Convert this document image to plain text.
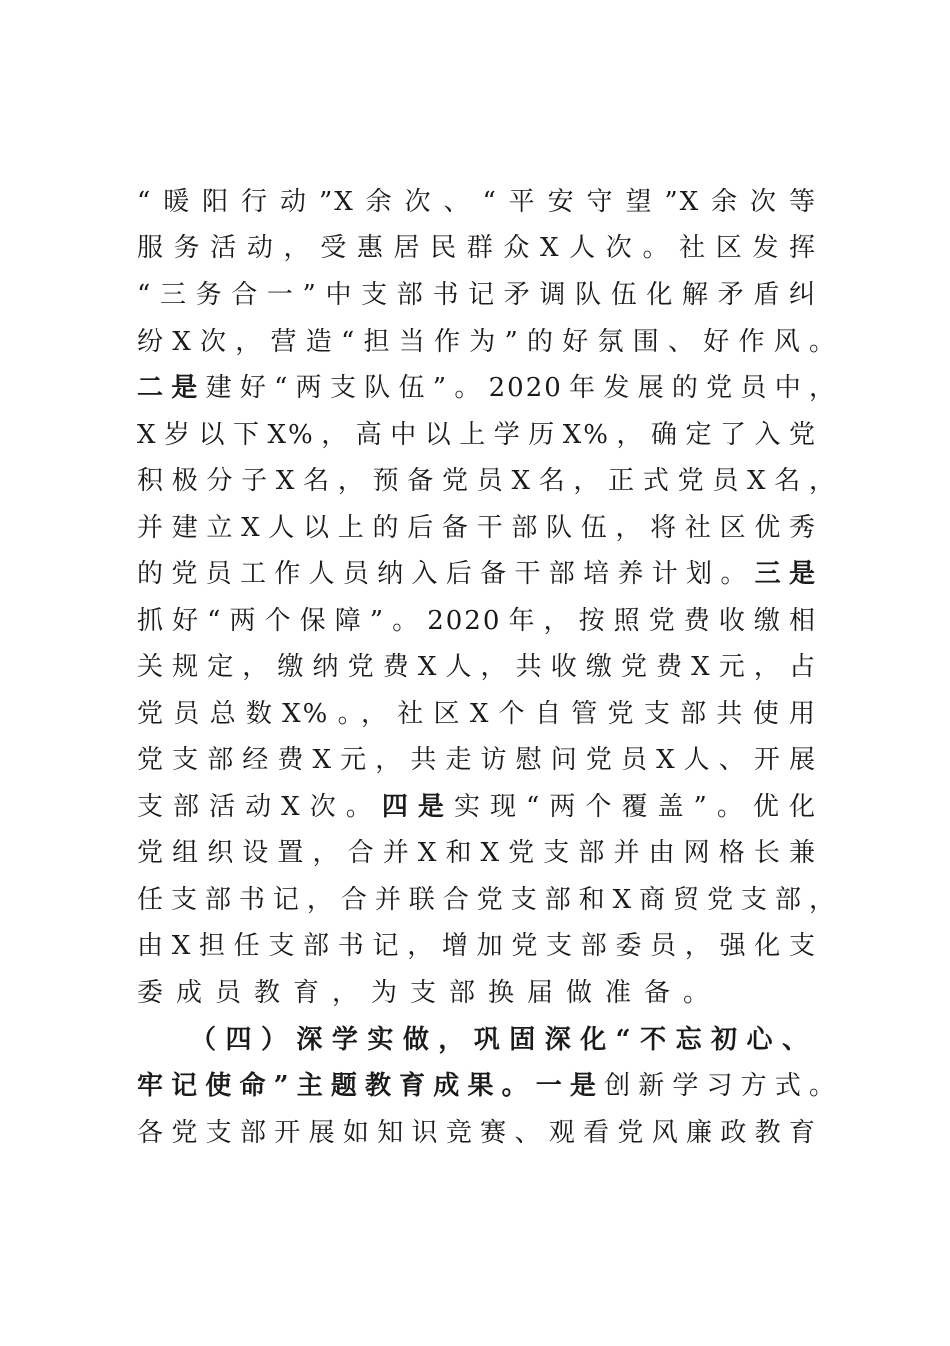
“暖阳行动”X余次、“平安守望”X余次等
服务活动，受惠居民群众X人次。社区发挥
“三务合一”中支部书记矛调队伍化解矛盾纠
纷X次，营造“担当作为”的好氛围、好作风。
二是建好“两支队伍”。2020年发展的党员中，
X岁以下X%，高中以上学历X%，确定了入党
积极分子X名，预备党员X名，正式党员X名，
并建立X人以上的后备干部队伍，将社区优秀
的党员工作人员纳入后备干部培养计划。三是
抓好“两个保障”。2020年，按照党费收缴相
关规定，缴纳党费X人，共收缴党费X元，占
党员总数X%。，社区X个自管党支部共使用
党支部经费X元，共走访慰问党员X人、开展
支部活动X次。四是实现“两个覆盖”。优化
党组织设置，合并X和X党支部并由网格长兼
任支部书记，合并联合党支部和X商贸党支部，
由X担任支部书记，增加党支部委员，强化支
委成员教育，为支部换届做准备。
（四）深学实做，巩固深化“不忘初心、
牢记使命”主题教育成果。一是创新学习方式。
各党支部开展如知识竞赛、观看党风廉政教育
